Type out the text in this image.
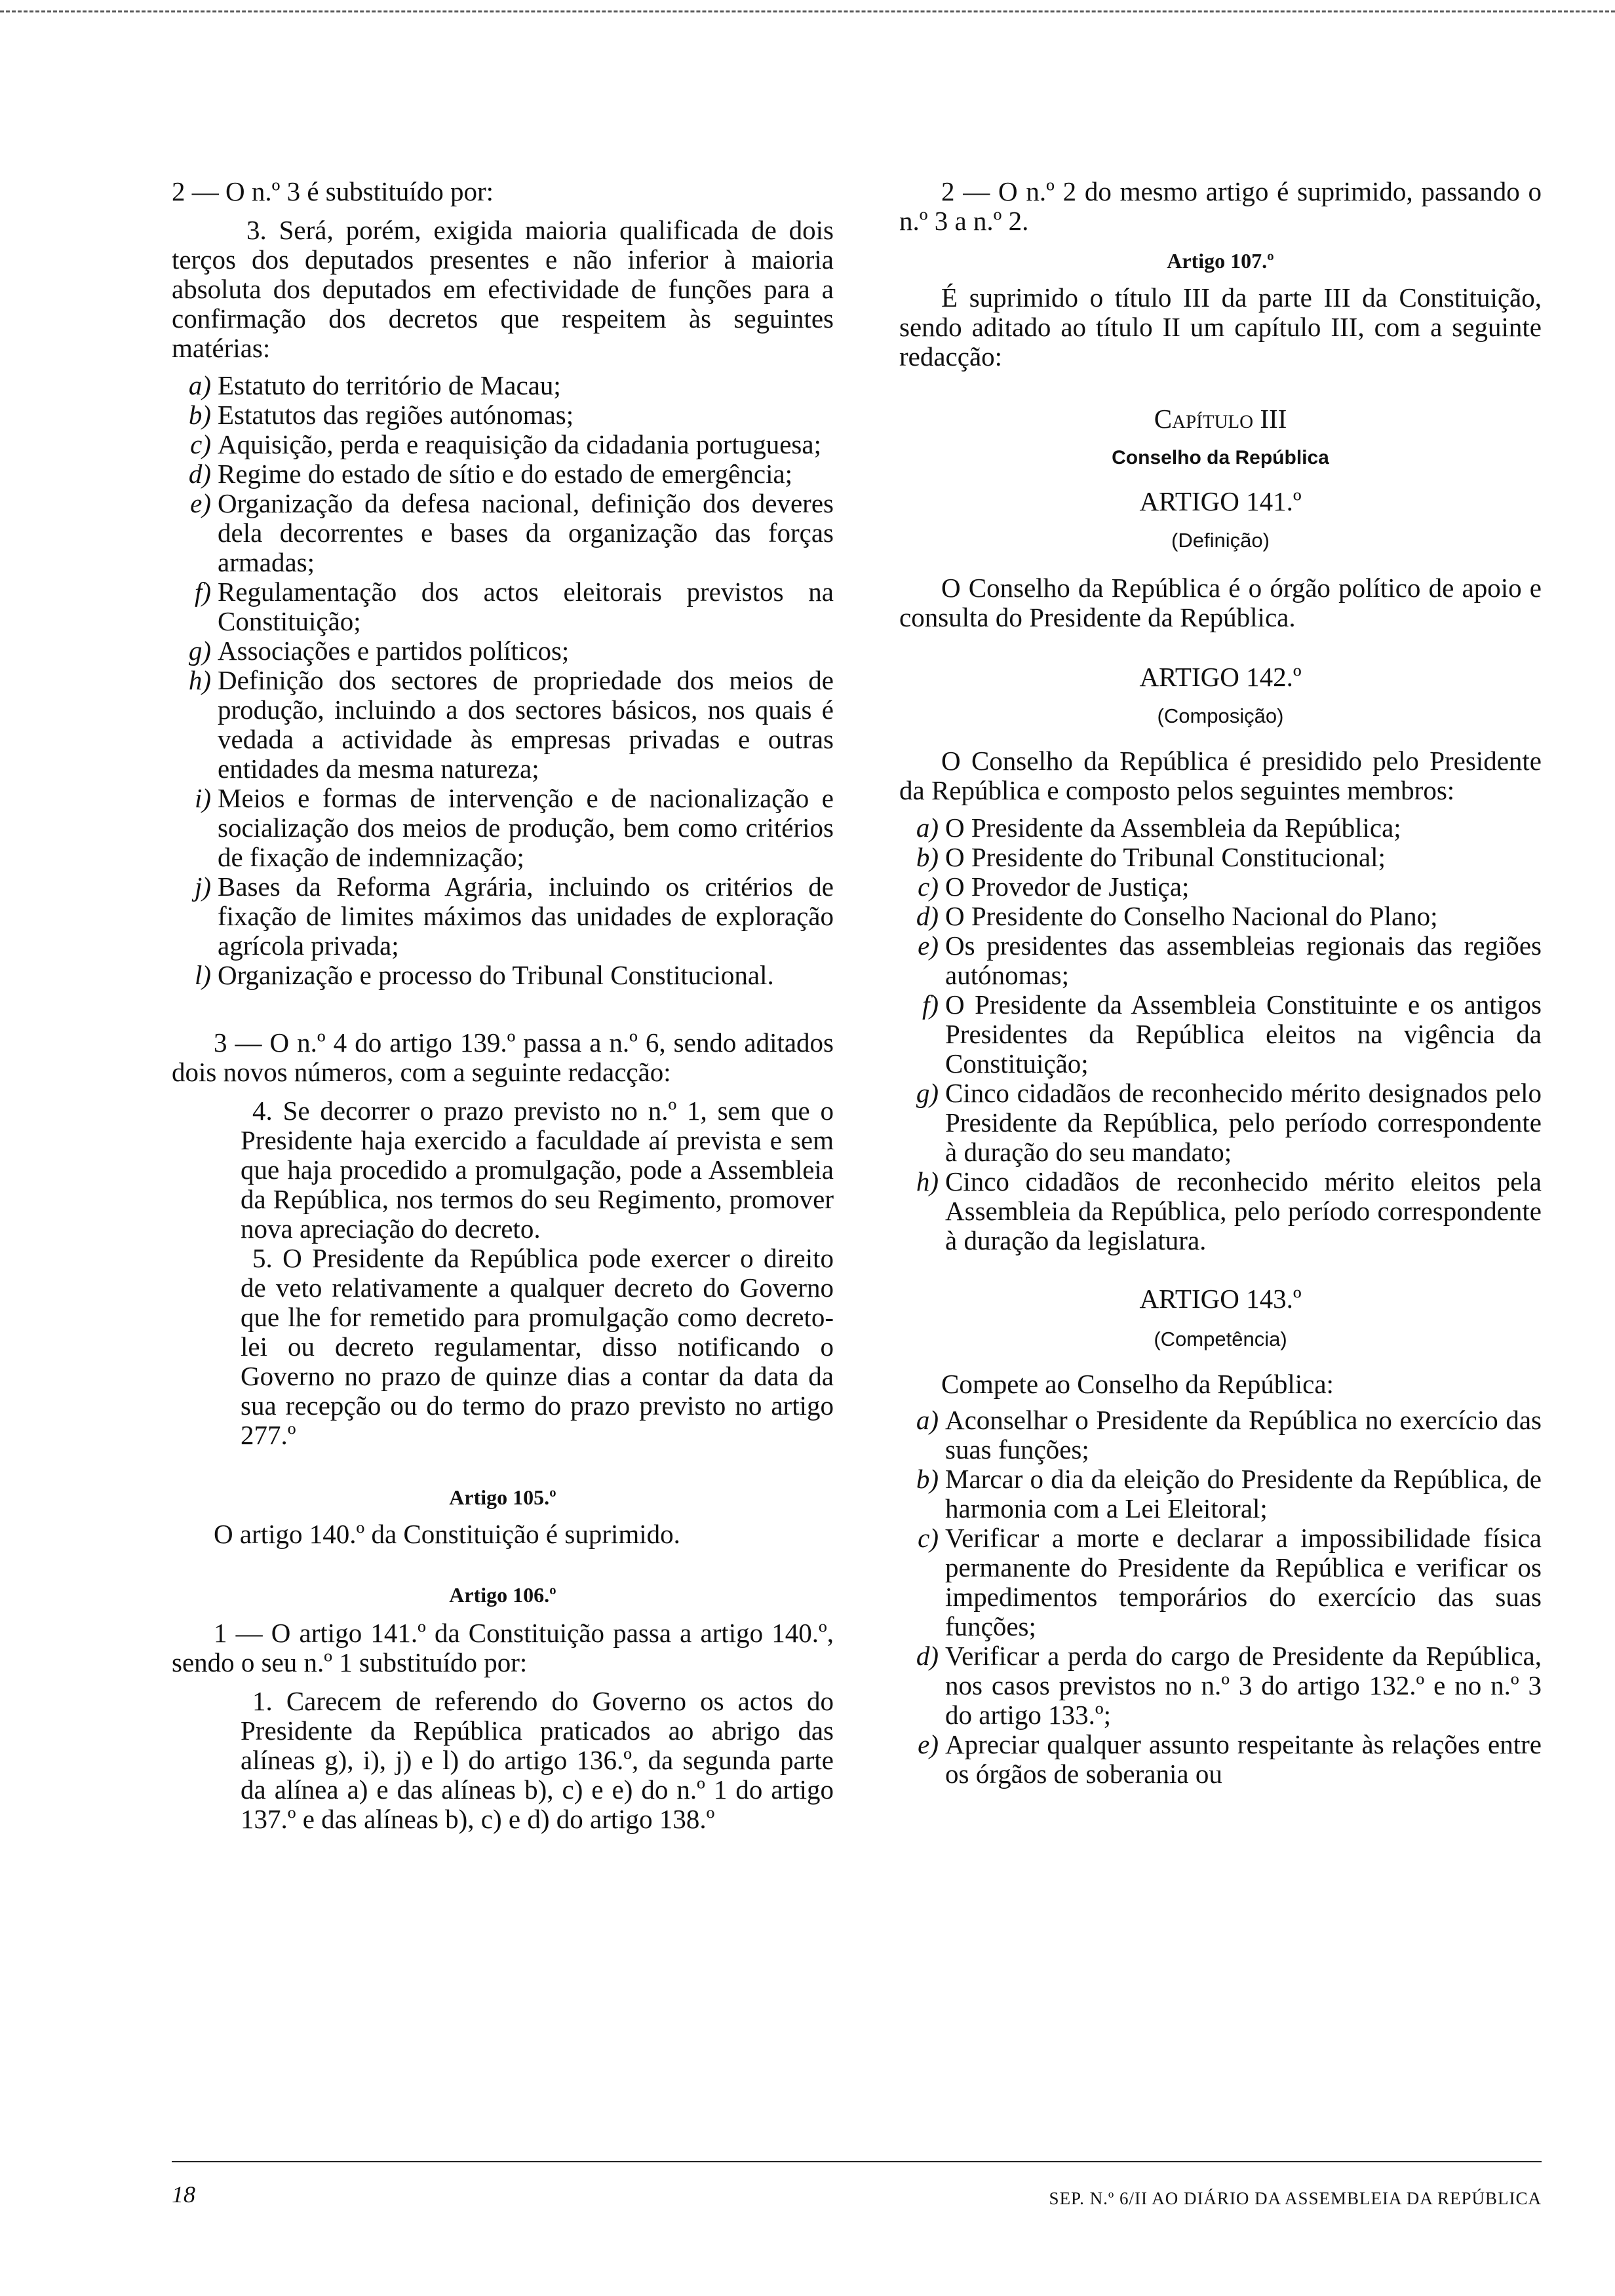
2 — O n.º 3 é substituído por:

3. Será, porém, exigida maioria qualificada de dois terços dos deputados presentes e não inferior à maioria absoluta dos deputados em efectividade de funções para a confirmação dos decretos que respeitem às seguintes matérias:

a) Estatuto do território de Macau;
b) Estatutos das regiões autónomas;
c) Aquisição, perda e reaquisição da cidadania portuguesa;
d) Regime do estado de sítio e do estado de emergência;
e) Organização da defesa nacional, definição dos deveres dela decorrentes e bases da organização das forças armadas;
f) Regulamentação dos actos eleitorais previstos na Constituição;
g) Associações e partidos políticos;
h) Definição dos sectores de propriedade dos meios de produção, incluindo a dos sectores básicos, nos quais é vedada a actividade às empresas privadas e outras entidades da mesma natureza;
i) Meios e formas de intervenção e de nacionalização e socialização dos meios de produção, bem como critérios de fixação de indemnização;
j) Bases da Reforma Agrária, incluindo os critérios de fixação de limites máximos das unidades de exploração agrícola privada;
l) Organização e processo do Tribunal Constitucional.

3 — O n.º 4 do artigo 139.º passa a n.º 6, sendo aditados dois novos números, com a seguinte redacção:

4. Se decorrer o prazo previsto no n.º 1, sem que o Presidente haja exercido a faculdade aí prevista e sem que haja procedido a promulgação, pode a Assembleia da República, nos termos do seu Regimento, promover nova apreciação do decreto.

5. O Presidente da República pode exercer o direito de veto relativamente a qualquer decreto do Governo que lhe for remetido para promulgação como decreto-lei ou decreto regulamentar, disso notificando o Governo no prazo de quinze dias a contar da data da sua recepção ou do termo do prazo previsto no artigo 277.º

Artigo 105.º

O artigo 140.º da Constituição é suprimido.

Artigo 106.º

1 — O artigo 141.º da Constituição passa a artigo 140.º, sendo o seu n.º 1 substituído por:

1. Carecem de referendo do Governo os actos do Presidente da República praticados ao abrigo das alíneas g), i), j) e l) do artigo 136.º, da segunda parte da alínea a) e das alíneas b), c) e e) do n.º 1 do artigo 137.º e das alíneas b), c) e d) do artigo 138.º

2 — O n.º 2 do mesmo artigo é suprimido, passando o n.º 3 a n.º 2.

Artigo 107.º

É suprimido o título III da parte III da Constituição, sendo aditado ao título II um capítulo III, com a seguinte redacção:

Capítulo III

Conselho da República

ARTIGO 141.º

(Definição)

O Conselho da República é o órgão político de apoio e consulta do Presidente da República.

ARTIGO 142.º

(Composição)

O Conselho da República é presidido pelo Presidente da República e composto pelos seguintes membros:

a) O Presidente da Assembleia da República;
b) O Presidente do Tribunal Constitucional;
c) O Provedor de Justiça;
d) O Presidente do Conselho Nacional do Plano;
e) Os presidentes das assembleias regionais das regiões autónomas;
f) O Presidente da Assembleia Constituinte e os antigos Presidentes da República eleitos na vigência da Constituição;
g) Cinco cidadãos de reconhecido mérito designados pelo Presidente da República, pelo período correspondente à duração do seu mandato;
h) Cinco cidadãos de reconhecido mérito eleitos pela Assembleia da República, pelo período correspondente à duração da legislatura.

ARTIGO 143.º

(Competência)

Compete ao Conselho da República:

a) Aconselhar o Presidente da República no exercício das suas funções;
b) Marcar o dia da eleição do Presidente da República, de harmonia com a Lei Eleitoral;
c) Verificar a morte e declarar a impossibilidade física permanente do Presidente da República e verificar os impedimentos temporários do exercício das suas funções;
d) Verificar a perda do cargo de Presidente da República, nos casos previstos no n.º 3 do artigo 132.º e no n.º 3 do artigo 133.º;
e) Apreciar qualquer assunto respeitante às relações entre os órgãos de soberania ou
18	SEP. N.º 6/II AO DIÁRIO DA ASSEMBLEIA DA REPÚBLICA
